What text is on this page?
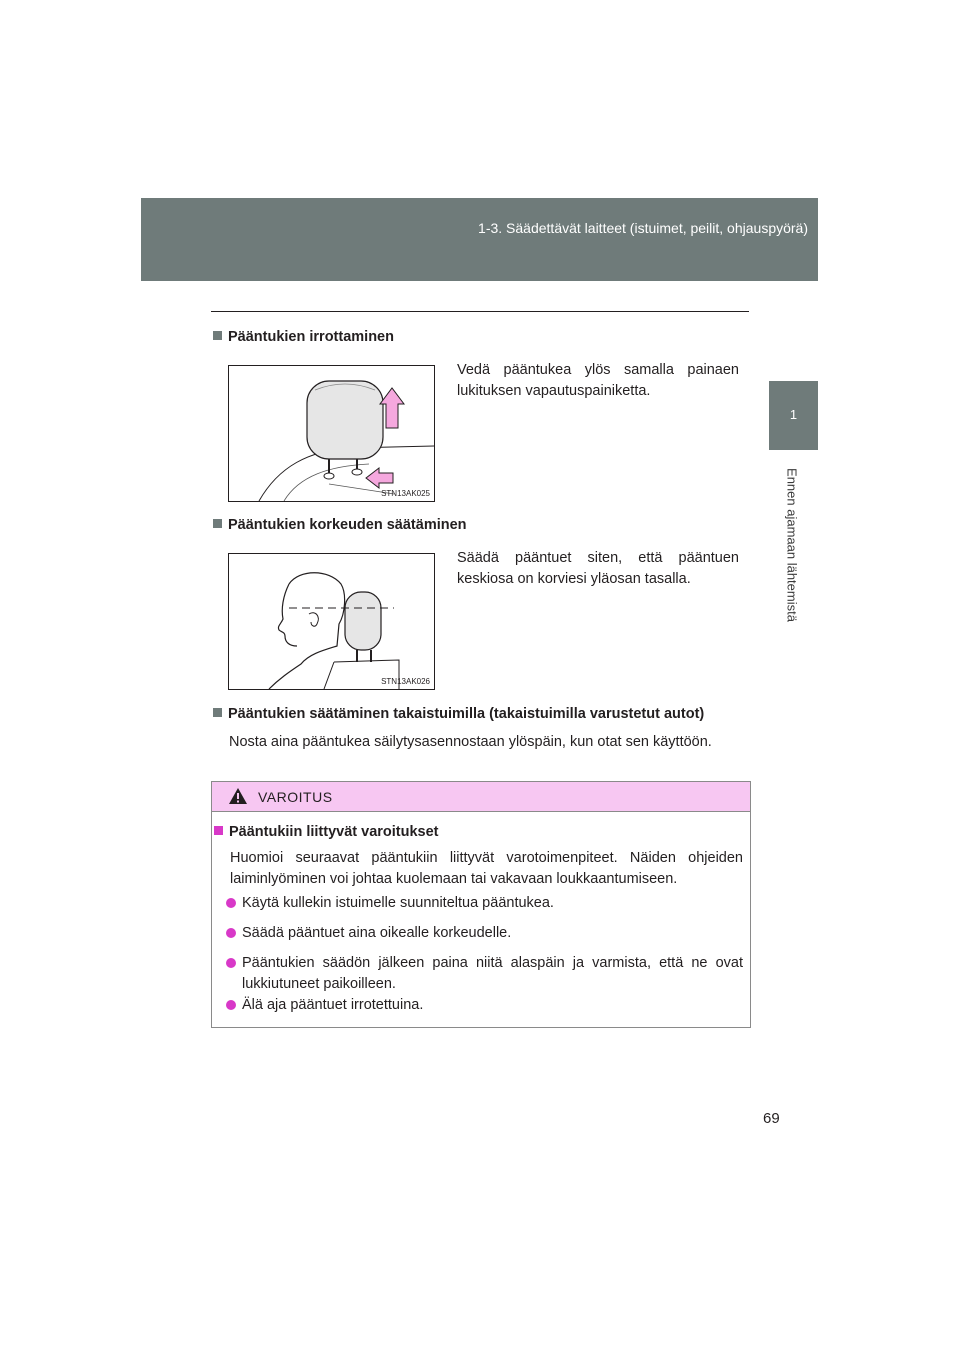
1-3. Säädettävät laitteet (istuimet, peilit, ohjauspyörä)
1
Ennen ajamaan lähtemistä
Pääntukien irrottaminen
STN13AK025
Vedä pääntukea ylös samalla painaen lukituksen vapautuspainiketta.
Pääntukien korkeuden säätäminen
STN13AK026
Säädä pääntuet siten, että pääntuen keskiosa on korviesi yläosan tasalla.
Pääntukien säätäminen takaistuimilla (takaistuimilla varustetut autot)
Nosta aina pääntukea säilytysasennostaan ylöspäin, kun otat sen käyttöön.
VAROITUS
Pääntukiin liittyvät varoitukset
Huomioi seuraavat pääntukiin liittyvät varotoimenpiteet. Näiden ohjeiden laiminlyöminen voi johtaa kuolemaan tai vakavaan loukkaantumiseen.
Käytä kullekin istuimelle suunniteltua pääntukea.
Säädä pääntuet aina oikealle korkeudelle.
Pääntukien säädön jälkeen paina niitä alaspäin ja varmista, että ne ovat lukkiutuneet paikoilleen.
Älä aja pääntuet irrotettuina.
69
